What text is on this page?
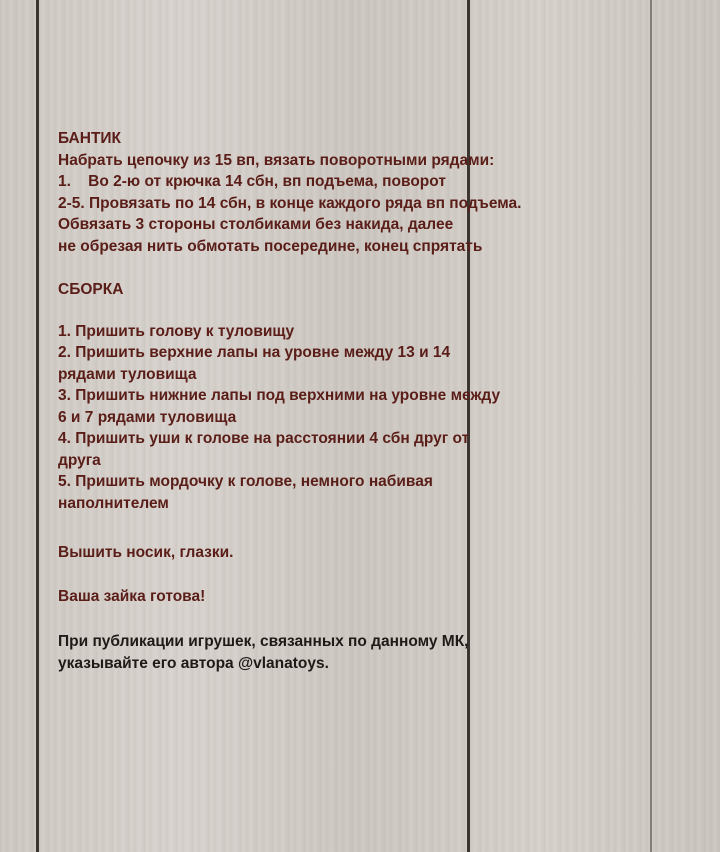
БАНТИК

Набрать цепочку из 15 вп, вязать поворотными рядами:

1.    Во 2-ю от крючка 14 сбн, вп подъема, поворот

2-5. Провязать по 14 сбн, в конце каждого ряда вп подъема.

Обвязать 3 стороны столбиками без накида, далее

не обрезая нить обмотать посередине, конец спрятать

СБОРКА

1. Пришить голову к туловищу

2. Пришить верхние лапы на уровне между 13 и 14

рядами туловища

3. Пришить нижние лапы под верхними на уровне между

6 и 7 рядами туловища

4. Пришить уши к голове на расстоянии 4 сбн друг от

друга

5. Пришить мордочку к голове, немного набивая

наполнителем

Вышить носик, глазки.

Ваша зайка готова!

При публикации игрушек, связанных по данному МК,

указывайте его автора @vlanatoys.
